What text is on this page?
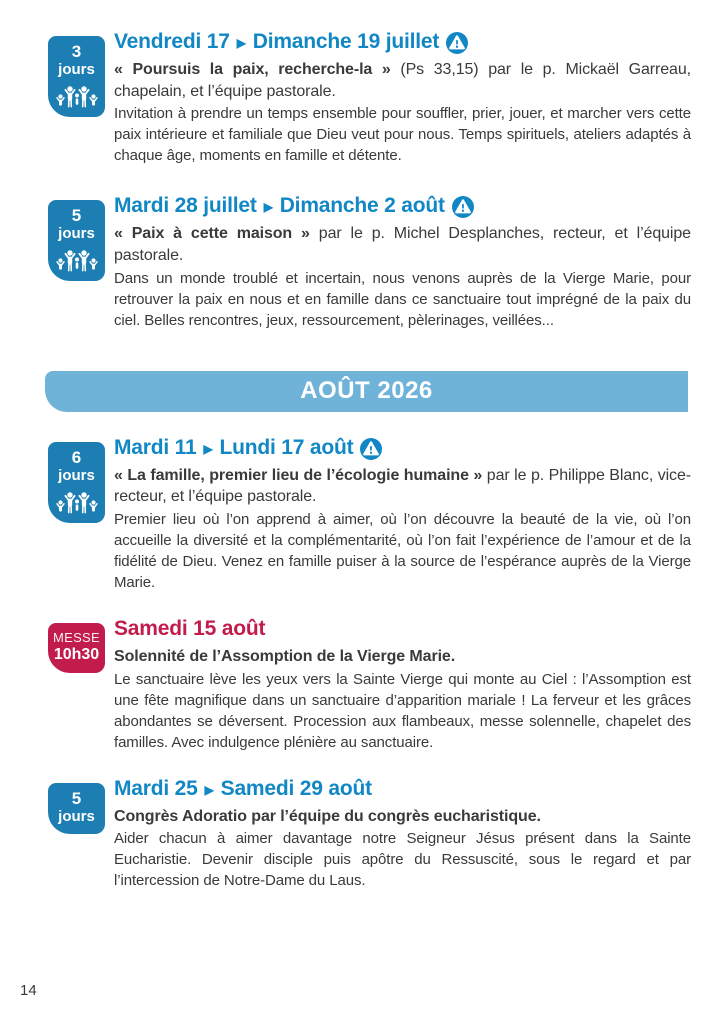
3
jours
Vendredi 17 ▶ Dimanche 19 juillet
« Poursuis la paix, recherche-la » (Ps 33,15) par le p. Mickaël Garreau, chapelain, et l’équipe pastorale.
Invitation à prendre un temps ensemble pour souffler, prier, jouer, et marcher vers cette paix intérieure et familiale que Dieu veut pour nous. Temps spirituels, ateliers adaptés à chaque âge, moments en famille et détente.
5
jours
Mardi 28 juillet ▶ Dimanche 2 août
« Paix à cette maison » par le p. Michel Desplanches, recteur, et l’équipe pastorale.
Dans un monde troublé et incertain, nous venons auprès de la Vierge Marie, pour retrouver la paix en nous et en famille dans ce sanctuaire tout imprégné de la paix du ciel. Belles rencontres, jeux, ressourcement, pèlerinages, veillées...
AOÛT 2026
6
jours
Mardi 11 ▶ Lundi 17 août
« La famille, premier lieu de l’écologie humaine » par le p. Philippe Blanc, vice-recteur, et l’équipe pastorale.
Premier lieu où l’on apprend à aimer, où l’on découvre la beauté de la vie, où l’on accueille la diversité et la complémentarité, où l’on fait l’expérience de l’amour et de la fidélité de Dieu. Venez en famille puiser à la source de l’espérance auprès de la Vierge Marie.
MESSE
10h30
Samedi 15 août
Solennité de l’Assomption de la Vierge Marie.
Le sanctuaire lève les yeux vers la Sainte Vierge qui monte au Ciel : l’Assomption est une fête magnifique dans un sanctuaire d’apparition mariale ! La ferveur et les grâces abondantes se déversent. Procession aux flambeaux, messe solennelle, chapelet des familles. Avec indulgence plénière au sanctuaire.
5
jours
Mardi 25 ▶ Samedi 29 août
Congrès Adoratio par l’équipe du congrès eucharistique.
Aider chacun à aimer davantage notre Seigneur Jésus présent dans la Sainte Eucharistie. Devenir disciple puis apôtre du Ressuscité, sous le regard et par l’intercession de Notre-Dame du Laus.
14
